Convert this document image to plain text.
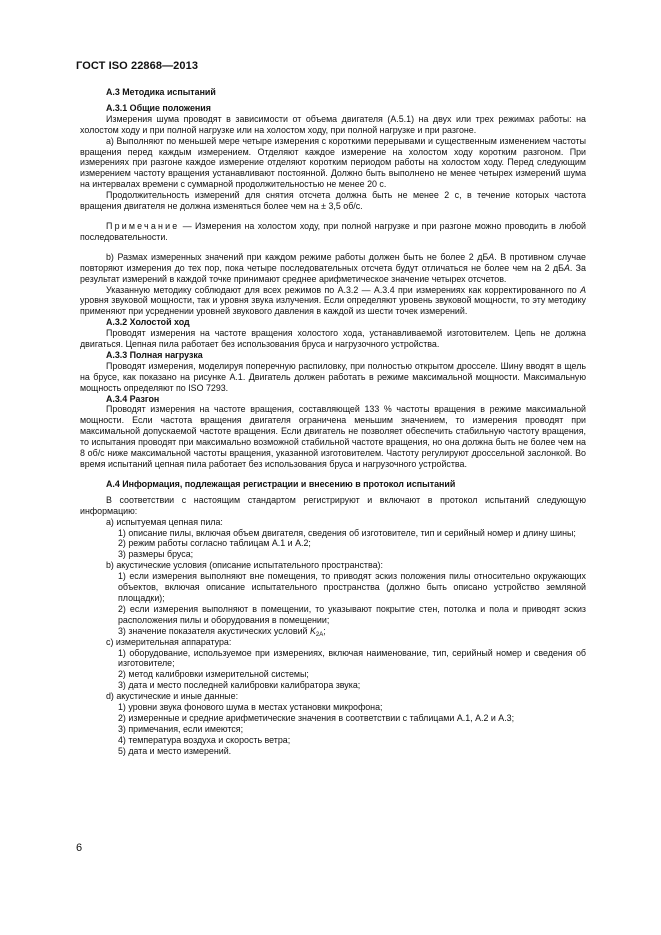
ГОСТ ISO 22868—2013

А.3 Методика испытаний

А.3.1 Общие положения

Измерения шума проводят в зависимости от объема двигателя (А.5.1) на двух или трех режимах работы: на холостом ходу и при полной нагрузке или на холостом ходу, при полной нагрузке и при разгоне.

а) Выполняют по меньшей мере четыре измерения с короткими перерывами и существенным изменением частоты вращения перед каждым измерением. Отделяют каждое измерение на холостом ходу коротким разгоном. При измерениях при разгоне каждое измерение отделяют коротким периодом работы на холостом ходу. Перед следующим измерением частоту вращения устанавливают постоянной. Должно быть выполнено не менее четырех измерений шума на интервалах времени с суммарной продолжительностью не менее 20 с.

Продолжительность измерений для снятия отсчета должна быть не менее 2 с, в течение которых частота вращения двигателя не должна изменяться более чем на ± 3,5 об/с.

Примечание — Измерения на холостом ходу, при полной нагрузке и при разгоне можно проводить в любой последовательности.

b) Размах измеренных значений при каждом режиме работы должен быть не более 2 дБА. В противном случае повторяют измерения до тех пор, пока четыре последовательных отсчета будут отличаться не более чем на 2 дБА. За результат измерений в каждой точке принимают среднее арифметическое значение четырех отсчетов.

Указанную методику соблюдают для всех режимов по А.3.2 — А.3.4 при измерениях как корректированного по А уровня звуковой мощности, так и уровня звука излучения. Если определяют уровень звуковой мощности, то эту методику применяют при усреднении уровней звукового давления в каждой из шести точек измерений.

А.3.2 Холостой ход

Проводят измерения на частоте вращения холостого хода, устанавливаемой изготовителем. Цепь не должна двигаться. Цепная пила работает без использования бруса и нагрузочного устройства.

А.3.3 Полная нагрузка

Проводят измерения, моделируя поперечную распиловку, при полностью открытом дросселе. Шину вводят в щель на брусе, как показано на рисунке А.1. Двигатель должен работать в режиме максимальной мощности. Максимальную мощность определяют по ISO 7293.

А.3.4 Разгон

Проводят измерения на частоте вращения, составляющей 133 % частоты вращения в режиме максимальной мощности. Если частота вращения двигателя ограничена меньшим значением, то измерения проводят при максимальной допускаемой частоте вращения. Если двигатель не позволяет обеспечить стабильную частоту вращения, то испытания проводят при максимально возможной стабильной частоте вращения, но она должна быть не более чем на 8 об/с ниже максимальной частоты вращения, указанной изготовителем. Частоту регулируют дроссельной заслонкой. Во время испытаний цепная пила работает без использования бруса и нагрузочного устройства.

А.4 Информация, подлежащая регистрации и внесению в протокол испытаний

В соответствии с настоящим стандартом регистрируют и включают в протокол испытаний следующую информацию:

а) испытуемая цепная пила:

1) описание пилы, включая объем двигателя, сведения об изготовителе, тип и серийный номер и длину шины;

2) режим работы согласно таблицам А.1 и А.2;

3) размеры бруса;

b) акустические условия (описание испытательного пространства):

1) если измерения выполняют вне помещения, то приводят эскиз положения пилы относительно окружающих объектов, включая описание испытательного пространства (должно быть описано устройство земляной площадки);

2) если измерения выполняют в помещении, то указывают покрытие стен, потолка и пола и приводят эскиз расположения пилы и оборудования в помещении;

3) значение показателя акустических условий $K_{2A}$;

с) измерительная аппаратура:

1) оборудование, используемое при измерениях, включая наименование, тип, серийный номер и сведения об изготовителе;

2) метод калибровки измерительной системы;

3) дата и место последней калибровки калибратора звука;

d) акустические и иные данные:

1) уровни звука фонового шума в местах установки микрофона;

2) измеренные и средние арифметические значения в соответствии с таблицами А.1, А.2 и А.3;

3) примечания, если имеются;

4) температура воздуха и скорость ветра;

5) дата и место измерений.

6
